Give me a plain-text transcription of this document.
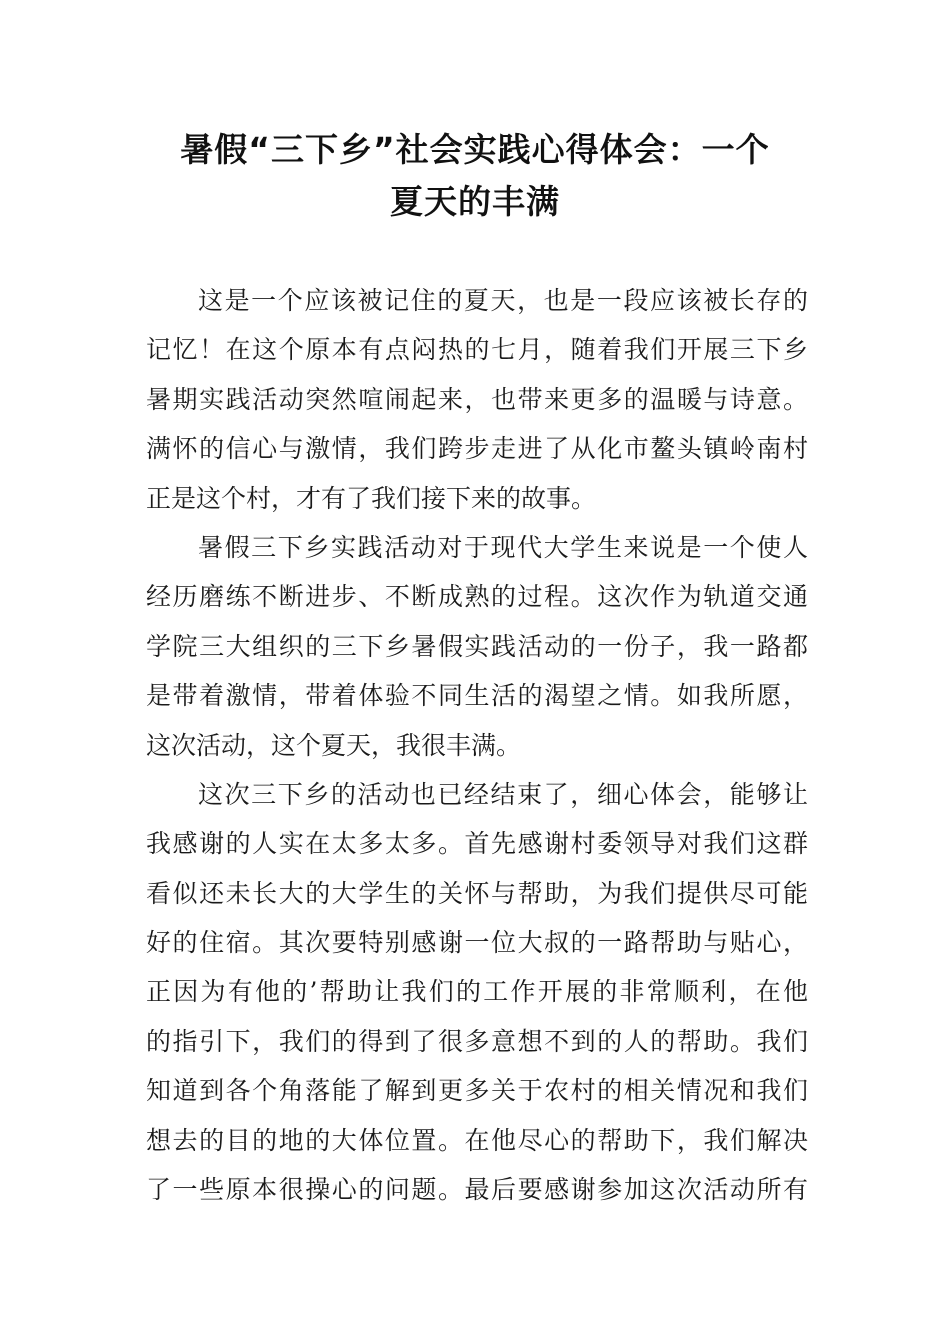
暑假“三下乡”社会实践心得体会：一个
夏天的丰满
这是一个应该被记住的夏天，也是一段应该被长存的
记忆！在这个原本有点闷热的七月，随着我们开展三下乡
暑期实践活动突然喧闹起来，也带来更多的温暖与诗意。
满怀的信心与激情，我们跨步走进了从化市鳌头镇岭南村
正是这个村，才有了我们接下来的故事。
暑假三下乡实践活动对于现代大学生来说是一个使人
经历磨练不断进步、不断成熟的过程。这次作为轨道交通
学院三大组织的三下乡暑假实践活动的一份子，我一路都
是带着激情，带着体验不同生活的渴望之情。如我所愿，
这次活动，这个夏天，我很丰满。
这次三下乡的活动也已经结束了，细心体会，能够让
我感谢的人实在太多太多。首先感谢村委领导对我们这群
看似还未长大的大学生的关怀与帮助，为我们提供尽可能
好的住宿。其次要特别感谢一位大叔的一路帮助与贴心，
正因为有他的’帮助让我们的工作开展的非常顺利，在他
的指引下，我们的得到了很多意想不到的人的帮助。我们
知道到各个角落能了解到更多关于农村的相关情况和我们
想去的目的地的大体位置。在他尽心的帮助下，我们解决
了一些原本很操心的问题。最后要感谢参加这次活动所有
